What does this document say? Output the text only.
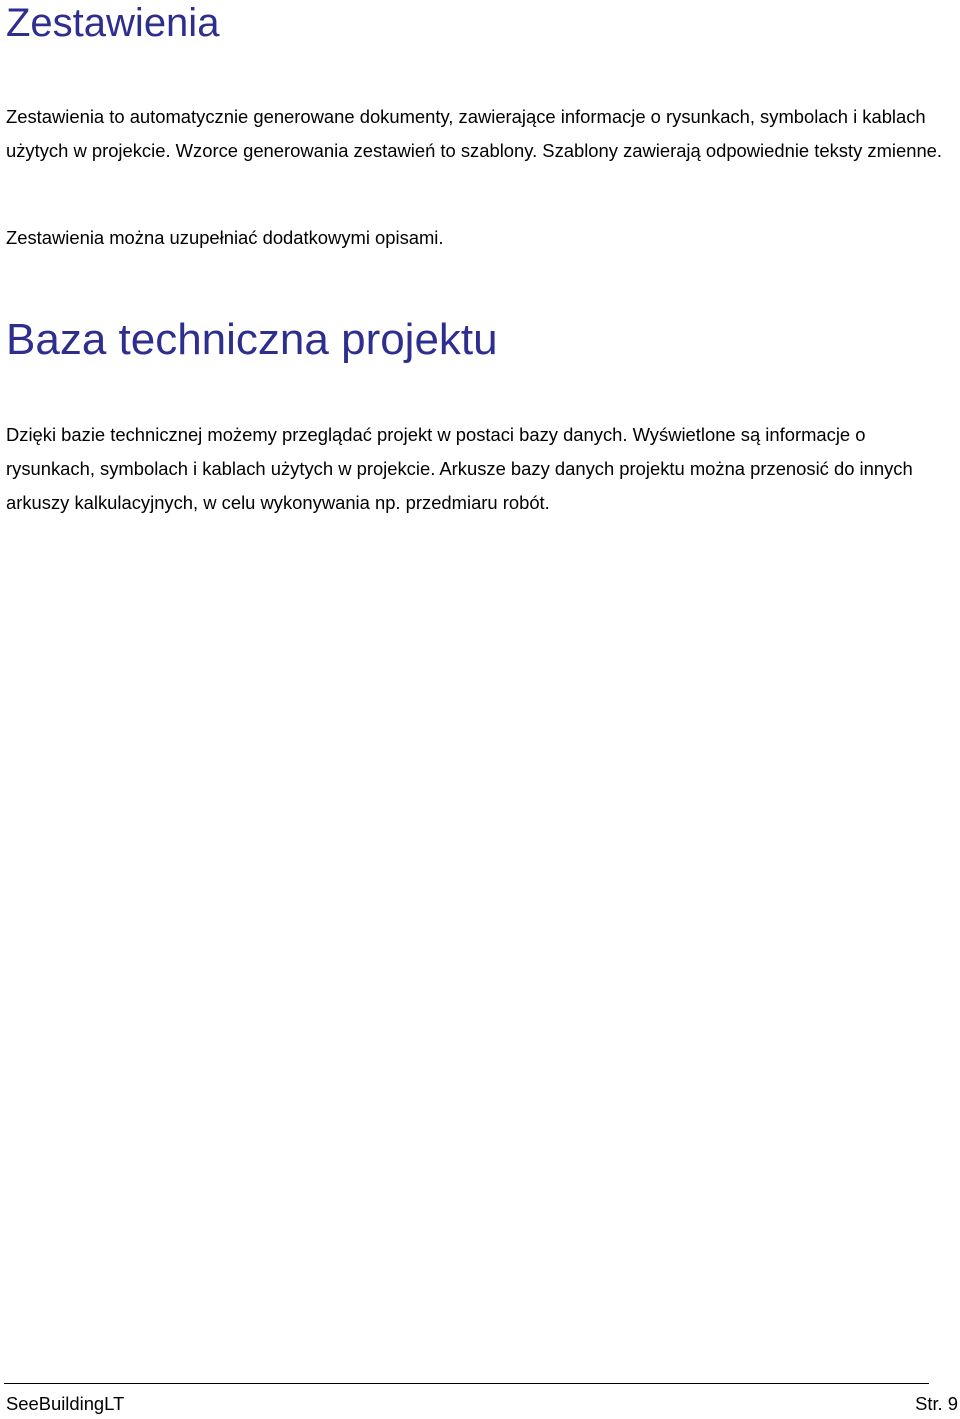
Zestawienia

Zestawienia to automatycznie generowane dokumenty, zawierające informacje o rysunkach, symbolach i kablach użytych w projekcie. Wzorce generowania zestawień to szablony. Szablony zawierają odpowiednie teksty zmienne.

Zestawienia można uzupełniać dodatkowymi opisami.

Baza techniczna projektu

Dzięki bazie technicznej możemy przeglądać projekt w postaci bazy danych. Wyświetlone są informacje o rysunkach, symbolach i kablach użytych w projekcie. Arkusze bazy danych projektu można przenosić do innych arkuszy kalkulacyjnych, w celu wykonywania np. przedmiaru robót.

SeeBuildingLT	Str. 9
